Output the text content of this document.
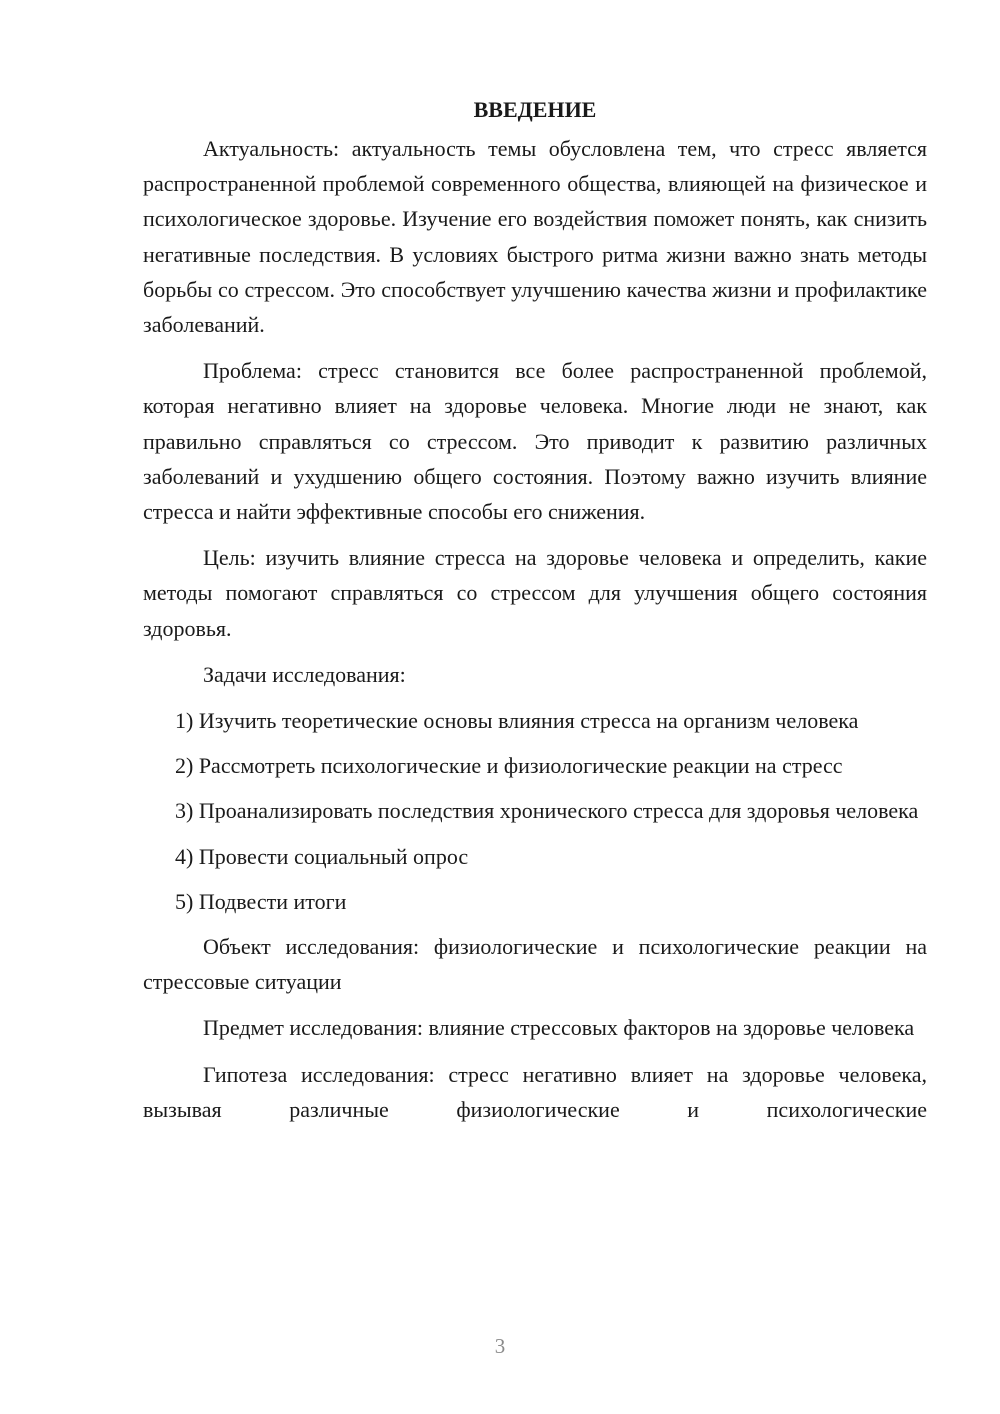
ВВЕДЕНИЕ

Актуальность: актуальность темы обусловлена тем, что стресс является распространенной проблемой современного общества, влияющей на физическое и психологическое здоровье. Изучение его воздействия поможет понять, как снизить негативные последствия. В условиях быстрого ритма жизни важно знать методы борьбы со стрессом. Это способствует улучшению качества жизни и профилактике заболеваний.

Проблема: стресс становится все более распространенной проблемой, которая негативно влияет на здоровье человека. Многие люди не знают, как правильно справляться со стрессом. Это приводит к развитию различных заболеваний и ухудшению общего состояния. Поэтому важно изучить влияние стресса и найти эффективные способы его снижения.

Цель: изучить влияние стресса на здоровье человека и определить, какие методы помогают справляться со стрессом для улучшения общего состояния здоровья.

Задачи исследования:

1) Изучить теоретические основы влияния стресса на организм человека

2) Рассмотреть психологические и физиологические реакции на стресс

3) Проанализировать последствия хронического стресса для здоровья человека

4) Провести социальный опрос

5) Подвести итоги

Объект исследования: физиологические и психологические реакции на стрессовые ситуации

Предмет исследования: влияние стрессовых факторов на здоровье человека

Гипотеза исследования: стресс негативно влияет на здоровье человека, вызывая различные физиологические и психологические

3
